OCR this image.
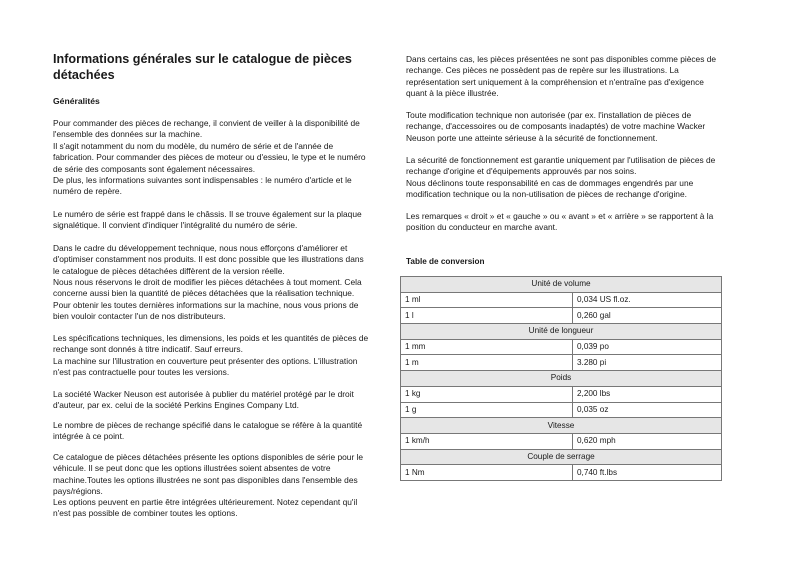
Informations générales sur le catalogue de pièces détachées
Généralités

Pour commander des pièces de rechange, il convient de veiller à la disponibilité de l'ensemble des données sur la machine.

Il s'agit notamment du nom du modèle, du numéro de série et de l'année de fabrication. Pour commander des pièces de moteur ou d'essieu, le type et le numéro de série des composants sont également nécessaires.

De plus, les informations suivantes sont indispensables : le numéro d'article et le numéro de repère.

Le numéro de série est frappé dans le châssis. Il se trouve également sur la plaque signalétique. Il convient d'indiquer l'intégralité du numéro de série.

Dans le cadre du développement technique, nous nous efforçons d'améliorer et d'optimiser constamment nos produits. Il est donc possible que les illustrations dans le catalogue de pièces détachées diffèrent de la version réelle.

Nous nous réservons le droit de modifier les pièces détachées à tout moment. Cela concerne aussi bien la quantité de pièces détachées que la réalisation technique.

Pour obtenir les toutes dernières informations sur la machine, nous vous prions de bien vouloir contacter l'un de nos distributeurs.

Les spécifications techniques, les dimensions, les poids et les quantités de pièces de rechange sont donnés à titre indicatif. Sauf erreurs.

La machine sur l'illustration en couverture peut présenter des options. L'illustration n'est pas contractuelle pour toutes les versions.

La société Wacker Neuson est autorisée à publier du matériel protégé par le droit d'auteur, par ex. celui de la société Perkins Engines Company Ltd.

Le nombre de pièces de rechange spécifié dans le catalogue se réfère à la quantité intégrée à ce point.

Ce catalogue de pièces détachées présente les options disponibles de série pour le véhicule. Il se peut donc que les options illustrées soient absentes de votre machine.Toutes les options illustrées ne sont pas disponibles dans l'ensemble des pays/régions.

Les options peuvent en partie être intégrées ultérieurement. Notez cependant qu'il n'est pas possible de combiner toutes les options.

Dans certains cas, les pièces présentées ne sont pas disponibles comme pièces de rechange. Ces pièces ne possèdent pas de repère sur les illustrations. La représentation sert uniquement à la compréhension et n'entraîne pas d'exigence quant à la pièce illustrée.

Toute modification technique non autorisée (par ex. l'installation de pièces de rechange, d'accessoires ou de composants inadaptés) de votre machine Wacker Neuson porte une atteinte sérieuse à la sécurité de fonctionnement.

La sécurité de fonctionnement est garantie uniquement par l'utilisation de pièces de rechange d'origine et d'équipements approuvés par nos soins.

Nous déclinons toute responsabilité en cas de dommages engendrés par une modification technique ou la non-utilisation de pièces de rechange d'origine.

Les remarques « droit » et « gauche » ou « avant » et « arrière » se rapportent à la position du conducteur en marche avant.

Table de conversion
Unité de volume	
1 ml	0,034 US fl.oz.
1 l	0,260 gal
Unité de longueur	
1 mm	0,039 po
1 m	3.280 pi
Poids	
1 kg	2,200 lbs
1 g	0,035 oz
Vitesse	
1 km/h	0,620 mph
Couple de serrage	
1 Nm	0,740 ft.lbs
